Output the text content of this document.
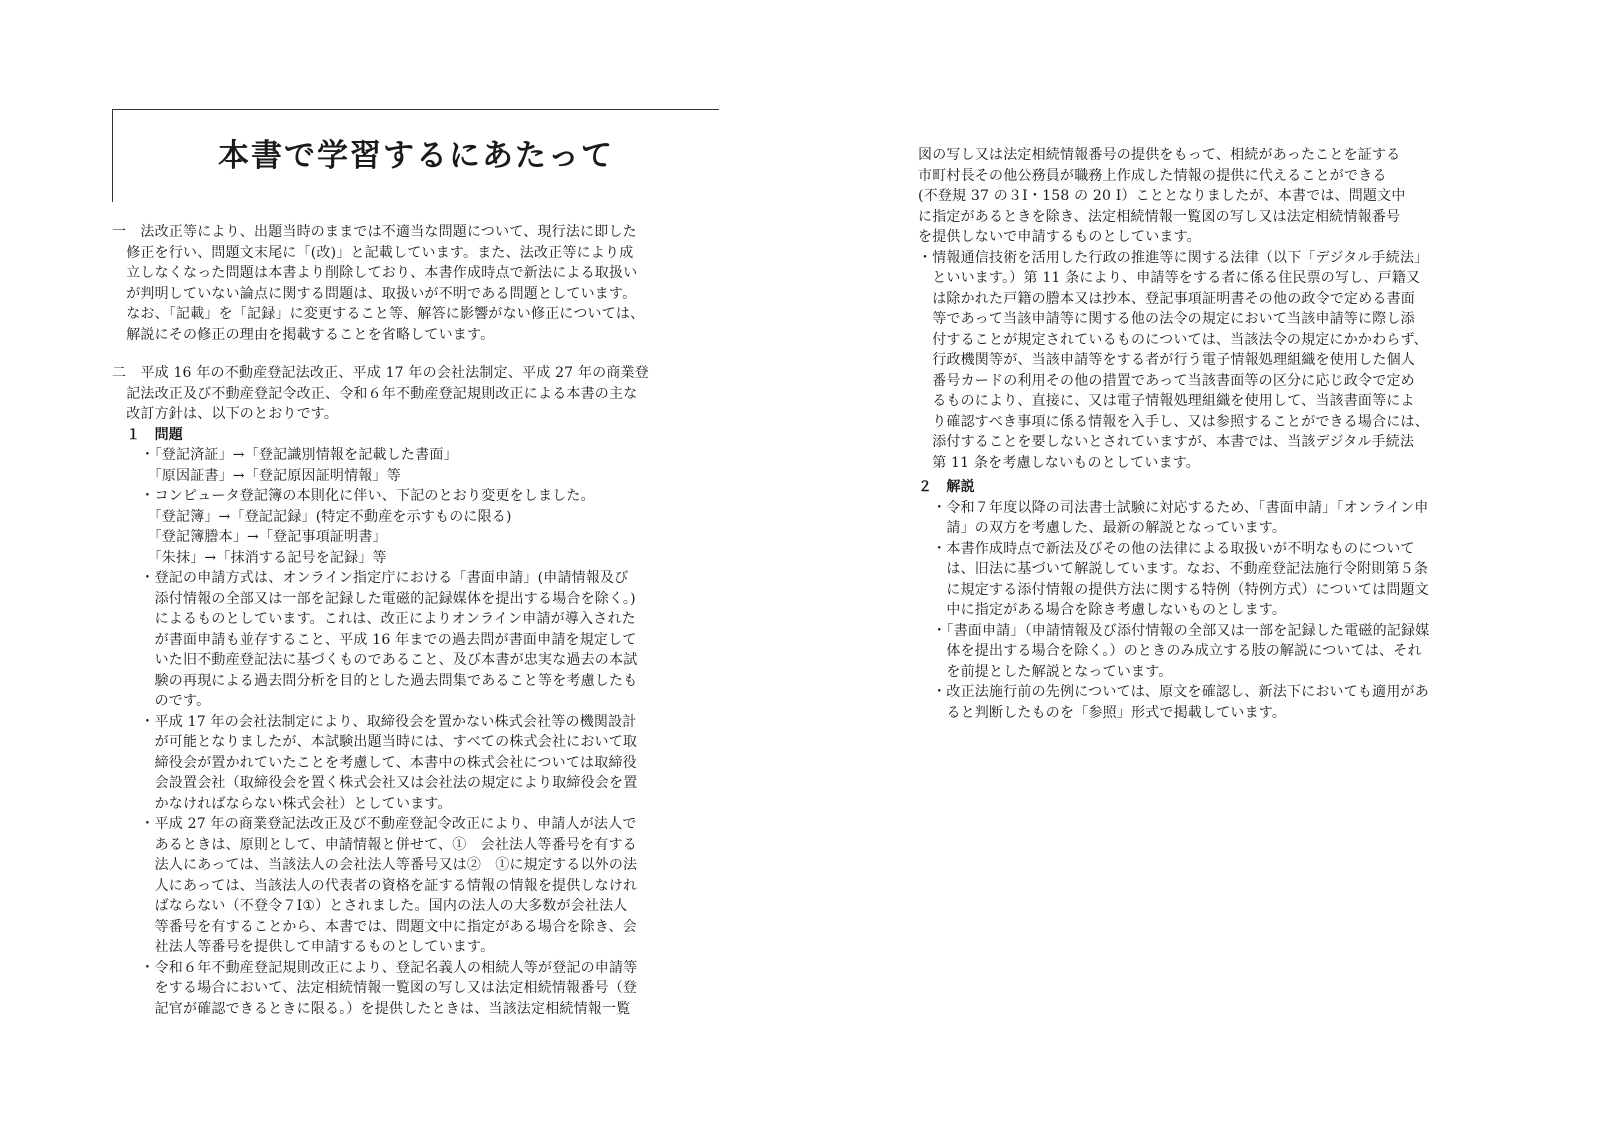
本書で学習するにあたって
一　法改正等により、出題当時のままでは不適当な問題について、現行法に即した
　修正を行い、問題文末尾に「(改)」と記載しています。また、法改正等により成
　立しなくなった問題は本書より削除しており、本書作成時点で新法による取扱い
　が判明していない論点に関する問題は、取扱いが不明である問題としています。
　なお、「記載」を「記録」に変更すること等、解答に影響がない修正については、
　解説にその修正の理由を掲載することを省略しています。
二　平成 16 年の不動産登記法改正、平成 17 年の会社法制定、平成 27 年の商業登
　記法改正及び不動産登記令改正、令和６年不動産登記規則改正による本書の主な
　改訂方針は、以下のとおりです。
　１　問題
　　・「登記済証」→「登記識別情報を記載した書面」
　　　「原因証書」→「登記原因証明情報」等
　　・コンピュータ登記簿の本則化に伴い、下記のとおり変更をしました。
　　　「登記簿」→「登記記録」(特定不動産を示すものに限る)
　　　「登記簿謄本」→「登記事項証明書」
　　　「朱抹」→「抹消する記号を記録」等
　　・登記の申請方式は、オンライン指定庁における「書面申請」(申請情報及び
　　　添付情報の全部又は一部を記録した電磁的記録媒体を提出する場合を除く。)
　　　によるものとしています。これは、改正によりオンライン申請が導入された
　　　が書面申請も並存すること、平成 16 年までの過去問が書面申請を規定して
　　　いた旧不動産登記法に基づくものであること、及び本書が忠実な過去の本試
　　　験の再現による過去問分析を目的とした過去問集であること等を考慮したも
　　　のです。
　　・平成 17 年の会社法制定により、取締役会を置かない株式会社等の機関設計
　　　が可能となりましたが、本試験出題当時には、すべての株式会社において取
　　　締役会が置かれていたことを考慮して、本書中の株式会社については取締役
　　　会設置会社（取締役会を置く株式会社又は会社法の規定により取締役会を置
　　　かなければならない株式会社）としています。
　　・平成 27 年の商業登記法改正及び不動産登記令改正により、申請人が法人で
　　　あるときは、原則として、申請情報と併せて、①　会社法人等番号を有する
　　　法人にあっては、当該法人の会社法人等番号又は②　①に規定する以外の法
　　　人にあっては、当該法人の代表者の資格を証する情報の情報を提供しなけれ
　　　ばならない（不登令７Ⅰ①）とされました。国内の法人の大多数が会社法人
　　　等番号を有することから、本書では、問題文中に指定がある場合を除き、会
　　　社法人等番号を提供して申請するものとしています。
　　・令和６年不動産登記規則改正により、登記名義人の相続人等が登記の申請等
　　　をする場合において、法定相続情報一覧図の写し又は法定相続情報番号（登
　　　記官が確認できるときに限る。）を提供したときは、当該法定相続情報一覧
図の写し又は法定相続情報番号の提供をもって、相続があったことを証する
市町村長その他公務員が職務上作成した情報の提供に代えることができる
(不登規 37 の３Ⅰ・158 の 20 Ⅰ）こととなりましたが、本書では、問題文中
に指定があるときを除き、法定相続情報一覧図の写し又は法定相続情報番号
を提供しないで申請するものとしています。
・情報通信技術を活用した行政の推進等に関する法律（以下「デジタル手続法」
　といいます。）第 11 条により、申請等をする者に係る住民票の写し、戸籍又
　は除かれた戸籍の謄本又は抄本、登記事項証明書その他の政令で定める書面
　等であって当該申請等に関する他の法令の規定において当該申請等に際し添
　付することが規定されているものについては、当該法令の規定にかかわらず、
　行政機関等が、当該申請等をする者が行う電子情報処理組織を使用した個人
　番号カードの利用その他の措置であって当該書面等の区分に応じ政令で定め
　るものにより、直接に、又は電子情報処理組織を使用して、当該書面等によ
　り確認すべき事項に係る情報を入手し、又は参照することができる場合には、
　添付することを要しないとされていますが、本書では、当該デジタル手続法
　第 11 条を考慮しないものとしています。
２　解説
　・令和７年度以降の司法書士試験に対応するため、「書面申請」「オンライン申
　　請」の双方を考慮した、最新の解説となっています。
　・本書作成時点で新法及びその他の法律による取扱いが不明なものについて
　　は、旧法に基づいて解説しています。なお、不動産登記法施行令附則第５条
　　に規定する添付情報の提供方法に関する特例（特例方式）については問題文
　　中に指定がある場合を除き考慮しないものとします。
　・「書面申請」（申請情報及び添付情報の全部又は一部を記録した電磁的記録媒
　　体を提出する場合を除く。）のときのみ成立する肢の解説については、それ
　　を前提とした解説となっています。
　・改正法施行前の先例については、原文を確認し、新法下においても適用があ
　　ると判断したものを「参照」形式で掲載しています。
